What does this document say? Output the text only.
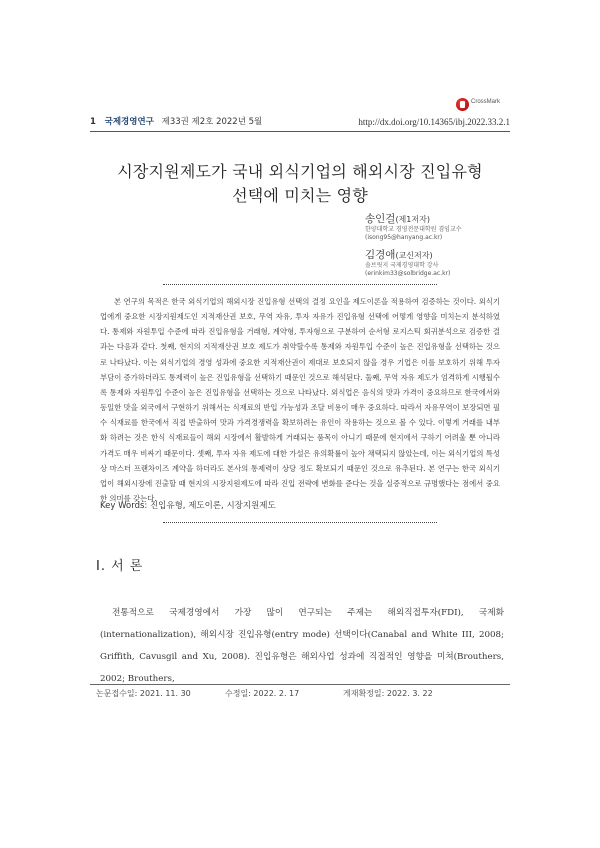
1 국제경영연구 제33권 제2호 2022년 5월	http://dx.doi.org/10.14365/ibj.2022.33.2.1
CrossMark
시장지원제도가 국내 외식기업의 해외시장 진입유형
선택에 미치는 영향
송인걸(제1저자)
한양대학교 경영전문대학원 겸임교수
(isong95@hanyang.ac.kr)
김경애(교신저자)
솔브릿지 국제경영대학 강사
(erinkim33@solbridge.ac.kr)

본 연구의 목적은 한국 외식기업의 해외시장 진입유형 선택의 결정 요인을 제도이론을 적용하여 검증하는 것이다. 외식기업에게 중요한 시장지원제도인 지적재산권 보호, 무역 자유, 투자 자유가 진입유형 선택에 어떻게 영향을 미치는지 분석하였다. 통제와 자원투입 수준에 따라 진입유형을 거래형, 계약형, 투자형으로 구분하여 순서형 로지스틱 회귀분석으로 검증한 결과는 다음과 같다. 첫째, 현지의 지적재산권 보호 제도가 취약할수록 통제와 자원투입 수준이 높은 진입유형을 선택하는 것으로 나타났다. 이는 외식기업의 경영 성과에 중요한 지적재산권이 제대로 보호되지 않을 경우 기업은 이를 보호하기 위해 투자 부담이 증가하더라도 통제력이 높은 진입유형을 선택하기 때문인 것으로 해석된다. 둘째, 무역 자유 제도가 엄격하게 시행될수록 통제와 자원투입 수준이 높은 진입유형을 선택하는 것으로 나타났다. 외식업은 음식의 맛과 가격이 중요하므로 한국에서와 동일한 맛을 외국에서 구현하기 위해서는 식재료의 반입 가능성과 조달 비용이 매우 중요하다. 따라서 자유무역이 보장되면 필수 식재료를 한국에서 직접 반출하여 맛과 가격경쟁력을 확보하려는 유인이 작용하는 것으로 볼 수 있다. 이렇게 거래를 내부화 하려는 것은 한식 식재료들이 해외 시장에서 활발하게 거래되는 품목이 아니기 때문에 현지에서 구하기 어려울 뿐 아니라 가격도 매우 비싸기 때문이다. 셋째, 투자 자유 제도에 대한 가설은 유의확률이 높아 채택되지 않았는데, 이는 외식기업의 특성상 마스터 프랜차이즈 계약을 하더라도 본사의 통제력이 상당 정도 확보되기 때문인 것으로 유추된다. 본 연구는 한국 외식기업이 해외시장에 진출할 때 현지의 시장지원제도에 따라 진입 전략에 변화를 준다는 것을 실증적으로 규명했다는 점에서 중요한 의미를 갖는다.

Key Words: 진입유형, 제도이론, 시장지원제도
Ⅰ. 서 론

전통적으로 국제경영에서 가장 많이 연구되는 주제는 해외직접투자(FDI), 국제화(internationalization), 해외시장 진입유형(entry mode) 선택이다(Canabal and White III, 2008; Griffith, Cavusgil and Xu, 2008). 진입유형은 해외사업 성과에 직접적인 영향을 미쳐(Brouthers, 2002; Brouthers,

논문접수일: 2021. 11. 30	수정일: 2022. 2. 17	게재확정일: 2022. 3. 22
